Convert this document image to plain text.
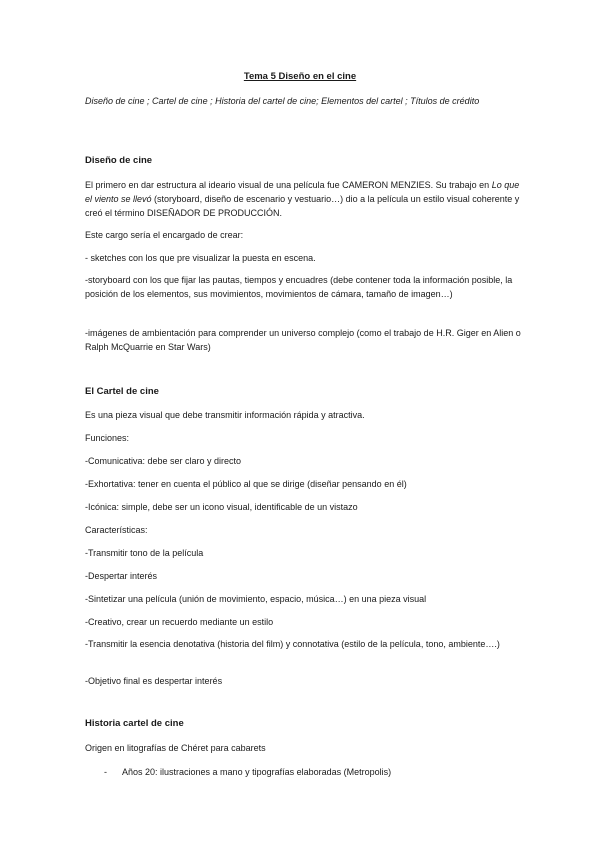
Tema 5 Diseño en el cine
Diseño de cine ; Cartel de cine ; Historia del cartel de cine; Elementos del cartel ; Títulos de crédito
Diseño de cine
El primero en dar estructura al ideario visual de una película fue CAMERON MENZIES. Su trabajo en Lo que el viento se llevó (storyboard, diseño de escenario y vestuario…) dio a la película un estilo visual coherente y creó el término DISEÑADOR DE PRODUCCIÓN.
Este cargo sería el encargado de crear:
- sketches con los que pre visualizar la puesta en escena.
-storyboard con los que fijar las pautas, tiempos y encuadres (debe contener toda la información posible, la posición de los elementos, sus movimientos, movimientos de cámara, tamaño de imagen…)
-imágenes de ambientación para comprender un universo complejo (como el trabajo de H.R. Giger en Alien o Ralph McQuarrie en Star Wars)
El Cartel de cine
Es una pieza visual que debe transmitir información rápida y atractiva.
Funciones:
-Comunicativa: debe ser claro y directo
-Exhortativa: tener en cuenta el público al que se dirige (diseñar pensando en él)
-Icónica: simple, debe ser un icono visual, identificable de un vistazo
Características:
-Transmitir tono de la película
-Despertar interés
-Sintetizar una película (unión de movimiento, espacio, música…) en una pieza visual
-Creativo, crear un recuerdo mediante un estilo
-Transmitir la esencia denotativa (historia del film) y connotativa (estilo de la película, tono, ambiente….)
-Objetivo final es despertar interés
Historia cartel de cine
Origen en litografías de Chéret para cabarets
- Años 20: ilustraciones a mano y tipografías elaboradas (Metropolis)
